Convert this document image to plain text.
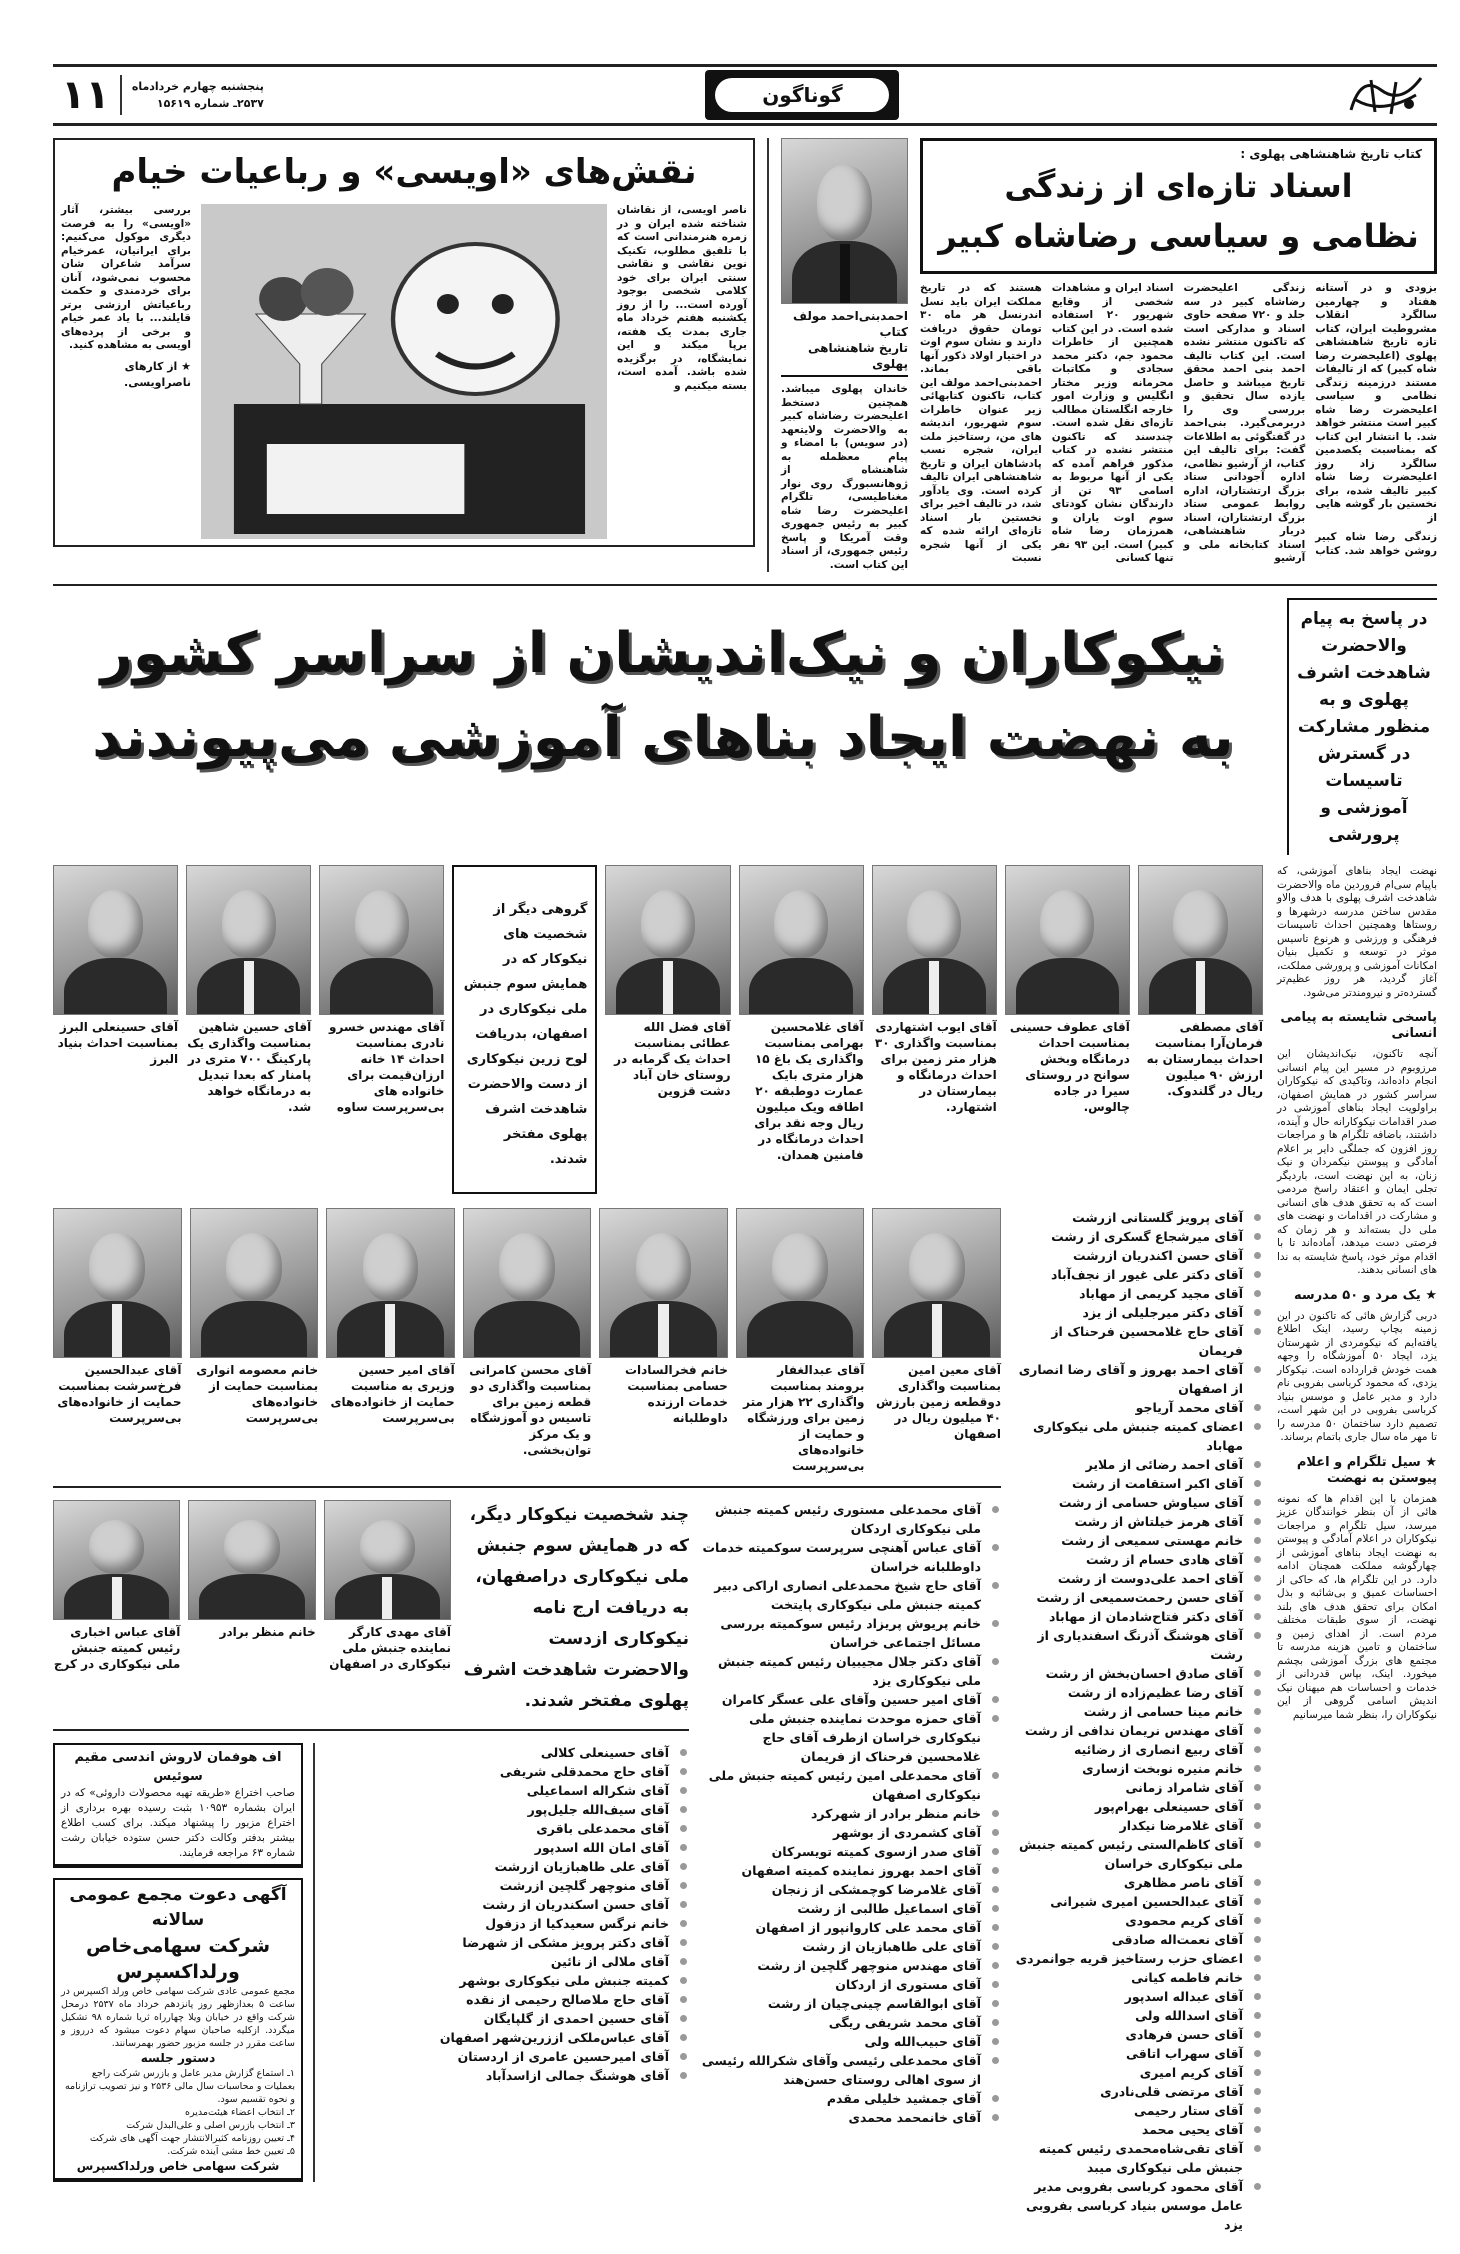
۱۱ پنجشنبه چهارم خردادماه
۲۵۳۷ـ شماره ۱۵۶۱۹	گوناگون
کتاب تاریخ شاهنشاهی پهلوی :
اسناد تازه‌ای از زندگی
نظامی و سیاسی رضاشاه کبیر

بزودی و در آستانه هفتاد و چهارمین سالگرد انقلاب مشروطیت ایران، کتاب تازه تاریخ شاهنشاهی پهلوی (اعلیحضرت رضا شاه کبیر) که از تالیفات مستند درزمینه زندگی نظامی و سیاسی اعلیحضرت رضا شاه کبیر است منتشر خواهد شد. با انتشار این کتاب که بمناسبت یکصدمین سالگرد زاد روز اعلیحضرت رضا شاه کبیر تالیف شده، برای نخستین بار گوشه هایی از

زندگی رضا شاه کبیر روشن خواهد شد. کتاب زندگی اعلیحضرت رضاشاه کبیر در سه جلد و ۷۲۰ صفحه حاوی اسناد و مدارکی است که تاکنون منتشر نشده است. این کتاب تالیف احمد بنی احمد محقق تاریخ میباشد و حاصل یازده سال تحقیق و بررسی وی را دربرمی‌گیرد. بنی‌احمد در گفتگوئی به اطلاعات گفت: برای تالیف این کتاب، از آرشیو نظامی، اداره آجودانی ستاد بزرگ ارتشتاران، اداره روابط عمومی ستاد بزرگ ارتشتاران، اسناد دربار شاهنشاهی، اسناد کتابخانه ملی و آرشیو

اسناد ایران و مشاهدات شخصی از وقایع شهریور ۲۰ استفاده شده است. در این کتاب همچنین از خاطرات محمود جم، دکتر محمد سجادی و مکاتبات محرمانه وزیر مختار انگلیس و وزارت امور خارجه انگلستان مطالب تازه‌ای نقل شده است. چندسند که تاکنون منتشر نشده در کتاب مذکور فراهم آمده که یکی از آنها مربوط به اسامی ۹۳ تن از دارندگان نشان کودتای سوم اوت یاران و همرزمان رضا شاه کبیر) است. این ۹۳ نفر تنها کسانی

هستند که در تاریخ مملکت ایران باید نسل اندرنسل هر ماه ۳۰ تومان حقوق دریافت دارند و نشان سوم اوت در اختیار اولاد ذکور آنها باقی بماند. احمدبنی‌احمد مولف این کتاب، تاکنون کتابهائی زیر عنوان خاطرات سوم شهریور، اندیشه های من، رستاخیز ملت ایران، شجره نسب پادشاهان ایران و تاریخ شاهنشاهی ایران تالیف کرده است. وی یادآور شد، در تالیف اخیر برای نخستین بار اسناد تازه‌ای ارائه شده که یکی از آنها شجره نسبت

احمدبنی‌احمد مولف کتاب
تاریخ شاهنشاهی پهلوی
خاندان پهلوی میباشد. همچنین دستخط اعلیحضرت رضاشاه کبیر به والاحضرت ولایتعهد (در سویس) با امضاء و پیام معظمله به شاهنشاه از ژوهانسبورگ روی نوار مغناطیسی، تلگرام اعلیحضرت رضا شاه کبیر به رئیس جمهوری وقت آمریکا و پاسخ رئیس جمهوری، از اسناد این کتاب است.
نقش‌های «اویسی» و رباعیات خیام
ناصر اویسی، از نقاشان شناخته شده ایران و در زمره هنرمندانی است که با تلفیق مطلوب، تکنیک نوین نقاشی و نقاشی سنتی ایران برای خود کلامی شخصی بوجود آورده است... را از روز یکشنبه هفتم خرداد ماه جاری بمدت یک هفته، برپا میکند و این نمایشگاه، در برگزیده شده باشد. آمده است، بسته میکنیم و
بررسی بیشتر، آثار «اویسی» را به فرصت دیگری موکول می‌کنیم: برای ایرانیان، عمرخیام سرآمد شاعران شان محسوب نمی‌شود، آنان برای خردمندی و حکمت رباعیاتش ارزشی برتر قایلند... با یاد عمر خیام و برخی از پرده‌های اویسی به مشاهده کنید.
★ از کارهای ناصراویسی.
در پاسخ به پیام والاحضرت شاهدخت اشرف پهلوی و به منظور مشارکت در گسترش تاسیسات آموزشی و پرورشی
نیکوکاران و نیک‌اندیشان از سراسر کشور
به نهضت ایجاد بناهای آموزشی می‌پیوندند
نهضت ایجاد بناهای آموزشی، که باپیام سی‌ام فروردین ماه والاحضرت شاهدخت اشرف پهلوی با هدف والاو مقدس ساختن مدرسه درشهرها و روستاها وهمچنین احداث تاسیسات فرهنگی و ورزشی و هرنوع تاسیس موثر در توسعه و تکمیل بنیان امکانات آموزشی و پرورشی مملکت، آغاز گردید، هر روز عظیم‌تر گسترده‌تر و نیرومندتر می‌شود.
پاسخی شایسته به پیامی انسانی
آنچه تاکنون، نیک‌اندیشان این مرزوبوم در مسیر این پیام انسانی انجام داده‌اند، وتاکیدی که نیکوکاران سراسر کشور در همایش اصفهان، براولویت ایجاد بناهای آموزشی در صدر اقدامات نیکوکارانه حال و آینده، داشتند، باضافه تلگرام ها و مراجعات روز افزون که جملگی دایر بر اعلام آمادگی و پیوستن نیکمردان و نیک زنان، به این نهضت است، باردیگر تجلی ایمان و اعتقاد راسخ مردمی است که به تحقق هدف های انسانی و مشارکت در اقدامات و نهضت های ملی دل بسته‌اند و هر زمان که فرصتی دست میدهد، آماده‌اند تا با اقدام موثر خود، پاسخ شایسته به ندا های انسانی بدهند.
★ یک مرد و ۵۰ مدرسه
دربی گزارش هائی که تاکنون در این زمینه بچاپ رسید، اینک اطلاع یافته‌ایم که نیکومردی از شهرستان یزد، ایجاد ۵۰ آموزشگاه را وجهه همت خودش قرارداده است. نیکوکار یزدی، که محمود کرباسی بفروبی نام دارد و مدیر عامل و موسس بنیاد کرباسی بفروبی در این شهر است، تصمیم دارد ساختمان ۵۰ مدرسه را تا مهر ماه سال جاری باتمام برساند.
★ سیل تلگرام و اعلام پیوستن به نهضت
همزمان با این اقدام ها که نمونه هائی از آن بنظر خوانندگان عزیز میرسد، سیل تلگرام و مراجعات نیکوکاران در اعلام آمادگی و پیوستن به نهضت ایجاد بناهای آموزشی از چهارگوشه مملکت همچنان ادامه دارد. در این تلگرام ها، که حاکی از احساسات عمیق و بی‌شائبه و بذل امکان برای تحقق هدف های بلند نهضت، از سوی طبقات مختلف مردم است. از اهدای زمین و ساختمان و تامین هزینه مدرسه تا مجتمع های بزرگ آموزشی بچشم میخورد. اینک، بپاس قدردانی از خدمات و احساسات هم میهنان نیک اندیش اسامی گروهی از این نیکوکاران را، بنظر شما میرسانیم
آقای مصطفی فرمان‌آرا بمناسبت احداث بیمارستان به ارزش ۹۰ میلیون ریال در گلندوک.
آقای عطوف حسینی بمناسبت احداث درمانگاه وبخش سوانح در روستای سیرا در جاده چالوس.
آقای ایوب اشتهاردی بمناسبت واگذاری ۳۰ هزار متر زمین برای احداث درمانگاه و بیمارستان در اشتهارد.
آقای غلامحسین بهرامی بمناسبت واگذاری یک باغ ۱۵ هزار متری بایک عمارت دوطبقه ۲۰ اطاقه ویک میلیون ریال وجه نقد برای احداث درمانگاه در فامنین همدان.
آقای فضل الله عطائی بمناسبت احداث یک گرمابه در روستای خان آباد دشت قزوین
گروهی دیگر از شخصیت های نیکوکار که در همایش سوم جنبش ملی نیکوکاری در اصفهان، بدریافت لوح زرین نیکوکاری از دست والاحضرت شاهدخت اشرف پهلوی مفتخر شدند.
آقای مهندس خسرو نادری بمناسبت احداث ۱۴ خانه ارزان‌قیمت برای خانواده های بی‌سرپرست ساوه
آقای حسین شاهین بمناسبت واگذاری یک پارکینگ ۷۰۰ متری در پامنار که بعدا تبدیل به درمانگاه خواهد شد.
آقای حسینعلی البرز بمناسبت احداث بنیاد البرز
آقای پرویز گلستانی ازرشت
آقای میرشجاع گسکری از رشت
آقای حسن اکندریان ازرشت
آقای دکتر علی غیور از نجف‌آباد
آقای مجید کریمی از مهاباد
آقای دکتر میرجلیلی از یزد
آقای حاج غلامحسین فرحناک از فریمان
آقای احمد بهروز و آقای رضا انصاری از اصفهان
آقای محمد آریاجو
اعضای کمیته جنبش ملی نیکوکاری مهاباد
آقای احمد رضائی از ملایر
آقای اکبر استقامت از رشت
آقای سیاوش حسامی از رشت
آقای هرمز خیلتاش از رشت
خانم مهستی سمیعی از رشت
آقای هادی حسام از رشت
آقای احمد علی‌دوست از رشت
آقای حسن رحمت‌سمیعی از رشت
آقای دکتر فتاح‌شادمان از مهاباد
آقای هوشنگ آذرنگ اسفندیاری از رشت
آقای صادق احسان‌بخش از رشت
آقای رضا عظیم‌زاده از رشت
خانم مینا حسامی از رشت
آقای مهندس نریمان ندافی از رشت
آقای ربیع انصاری از رضائیه
خانم منیره نوبخت ازساری
آقای شامراد زمانی
آقای حسینعلی بهرام‌پور
آقای غلامرضا نیکدار
آقای کاظم‌الستی رئیس کمیته جنبش ملی نیکوکاری خراسان
آقای ناصر مظاهری
آقای عبدالحسین امیری شیرانی
آقای کریم محمودی
آقای نعمت‌اله صادقی
اعضای حزب رستاخیز قریه جوانمردی
خانم فاطمه کیانی
آقای عبداله اسدپور
آقای اسدالله ولی
آقای حسن فرهادی
آقای سهراب اتاقی
آقای کریم امیری
آقای مرتضی قلی‌نادری
آقای ستار رحیمی
آقای یحیی محمد
آقای تقی‌شاه‌محمدی رئیس کمیته جنبش ملی نیکوکاری میبد
آقای محمود کرباسی بفروبی مدیر عامل موسس بنیاد کرباسی بفروبی یزد
آقای معین امین بمناسبت واگذاری دوقطعه زمین بارزش ۴۰ میلیون ریال در اصفهان
آقای عبدالغفار برومند بمناسبت واگذاری ۲۲ هزار متر زمین برای ورزشگاه و حمایت از خانواده‌های بی‌سرپرست
خانم فخرالسادات حسامی بمناسبت خدمات ارزنده داوطلبانه
آقای محسن کامرانی بمناسبت واگذاری دو قطعه زمین برای تاسیس دو آموزشگاه و یک مرکز توان‌بخشی.
آقای امیر حسین وزیری به مناسبت حمایت از خانواده‌های بی‌سرپرست
خانم معصومه انواری بمناسبت حمایت از خانواده‌های بی‌سرپرست
آقای عبدالحسین فرخ‌سرشت بمناسبت حمایت از خانواده‌های بی‌سرپرست
آقای محمدعلی مستوری رئیس کمیته جنبش ملی نیکوکاری اردکان
آقای عباس آهنچی سرپرست سوکمیته خدمات داوطلبانه خراسان
آقای حاج شیخ محمدعلی انصاری اراکی دبیر کمیته جنبش ملی نیکوکاری پایتخت
خانم پریوش پریزاد رئیس سوکمیته بررسی مسائل اجتماعی خراسان
آقای دکتر جلال مجیبیان رئیس کمیته جنبش ملی نیکوکاری یزد
آقای امیر حسین وآقای علی عسگر کامران
آقای حمزه موحدت نماینده جنبش ملی نیکوکاری خراسان ازطرف آقای حاج غلامحسین فرحناک از فریمان
آقای محمدعلی امین رئیس کمیته جنبش ملی نیکوکاری اصفهان
خانم منظر برادر از شهرکرد
آقای کشمردی از بوشهر
آقای صدر ازسوی کمیته تویسرکان
آقای احمد بهروز نماینده کمیته اصفهان
آقای غلامرضا کوچمشکی از زنجان
آقای اسماعیل طالبی از رشت
آقای محمد علی کاروانپور از اصفهان
آقای علی طاهبازیان از رشت
آقای مهندس منوچهر گلچین از رشت
آقای مستوری از اردکان
آقای ابوالقاسم چینی‌چیان از رشت
آقای محمد شریفی ریگی
آقای حبیب‌الله ولی
آقای محمدعلی رئیسی وآقای شکرالله رئیسی از سوی اهالی روستای حسن‌هند
آقای جمشید خلیلی مقدم
آقای خانمحمد محمدی
چند شخصیت نیکوکار دیگر، که در همایش سوم جنبش ملی نیکوکاری دراصفهان، به دریافت ارج نامه نیکوکاری ازدست والاحضرت شاهدخت اشرف پهلوی مفتخر شدند.
آقای مهدی کارگر نماینده جنبش ملی نیکوکاری در اصفهان
خانم منظر برادر
آقای عباس اخباری رئیس کمیته جنبش ملی نیکوکاری در کرج
آقای حسینعلی کلالی
آقای حاج محمدقلی شریفی
آقای شکراله اسماعیلی
آقای سیف‌الله جلیل‌پور
آقای محمدعلی باقری
آقای امان الله اسدپور
آقای علی طاهبازیان ازرشت
آقای منوچهر گلچین ازرشت
آقای حسن اسکندریان از رشت
خانم نرگس سعیدکیا از دزفول
آقای دکتر پرویز مشکی از شهرضا
آقای ملالی از نائین
کمیته جنبش ملی نیکوکاری بوشهر
آقای حاج ملاصالح رحیمی از نقده
آقای حسین احمدی از گلپایگان
آقای عباس‌ملکی اززرین‌شهر اصفهان
آقای امیرحسین عامری از اردستان
آقای هوشنگ جمالی ازاسدآباد
اف هوفمان لاروش اندسی مقیم سوئیس
صاحب اختراع «طریقه تهیه محصولات داروئی» که در ایران بشماره ۱۰۹۵۳ بثبت رسیده بهره برداری از اختراع مزبور را پیشنهاد میکند. برای کسب اطلاع بیشتر بدفتر وکالت دکتر حسن ستوده خیابان رشت شماره ۶۳ مراجعه فرمایند.
آگهی دعوت مجمع عمومی سالانه
شرکت سهامی‌خاص
ورلداکسپرس
مجمع عمومی عادی شرکت سهامی خاص ورلد اکسپرس در ساعت ۵ بعدازظهر روز پانزدهم خرداد ماه ۲۵۳۷ درمحل شرکت واقع در خیابان ویلا چهارراه ثریا شماره ۹۸ تشکیل میگردد. ازکلیه صاحبان سهام دعوت میشود که درروز و ساعت مقرر در جلسه مزبور حضور بهمرسانند.
دستور جلسه
۱ـ استماع گزارش مدیر عامل و بازرس شرکت راجع بعملیات و محاسبات سال مالی ۲۵۳۶ و نیز تصویب ترازنامه و نحوه تقسیم سود.
۲ـ انتخاب اعضاء هیئت‌مدیره
۳ـ انتخاب بازرس اصلی و علی‌البدل شرکت
۴ـ تعیین روزنامه کثیرالانتشار جهت آگهی های شرکت
۵ـ تعیین خط مشی آینده شرکت.
شرکت سهامی خاص ورلداکسپرس
